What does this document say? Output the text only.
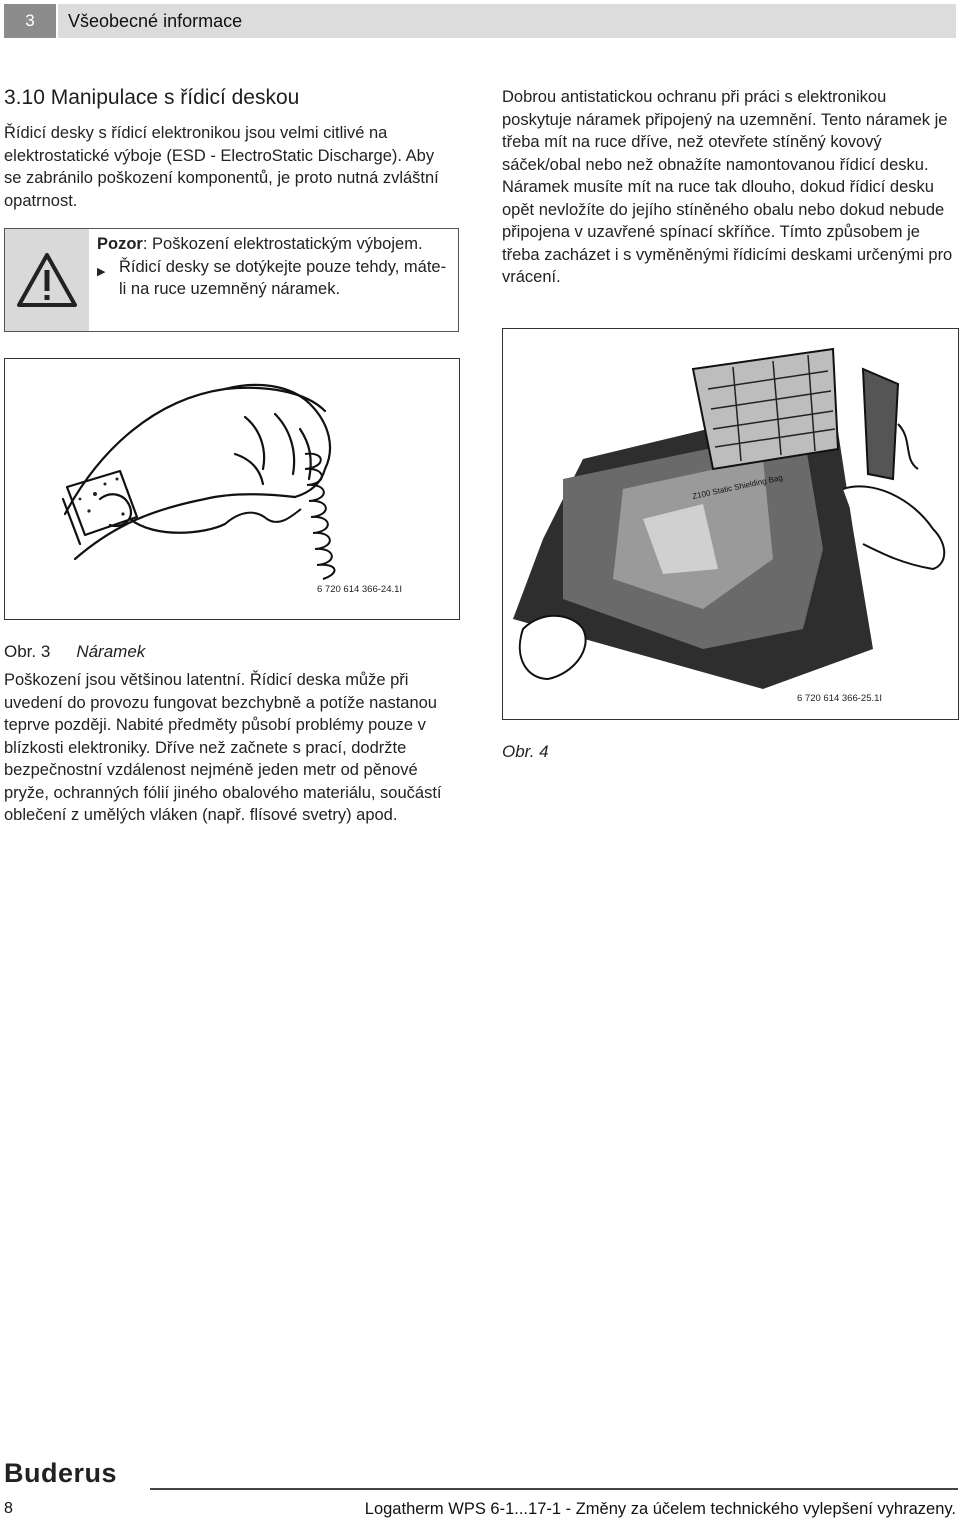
3	Všeobecné informace
3.10 Manipulace s řídicí deskou
Řídicí desky s řídicí elektronikou jsou velmi citlivé na elektrostatické výboje (ESD - ElectroStatic Discharge). Aby se zabránilo poškození komponentů, je proto nutná zvláštní opatrnost.
Pozor: Poškození elektrostatickým výbojem.
▶ Řídicí desky se dotýkejte pouze tehdy, máte-li na ruce uzemněný náramek.
Dobrou antistatickou ochranu při práci s elektronikou poskytuje náramek připojený na uzemnění. Tento náramek je třeba mít na ruce dříve, než otevřete stíněný kovový sáček/obal nebo než obnažíte namontovanou řídicí desku. Náramek musíte mít na ruce tak dlouho, dokud řídicí desku opět nevložíte do jejího stíněného obalu nebo dokud nebude připojena v uzavřené spínací skříňce. Tímto způsobem je třeba zacházet i s vyměněnými řídicími deskami určenými pro vrácení.
6 720 614 366-24.1I
Z100 Static Shielding Bag
6 720 614 366-25.1I
Obr. 3 Náramek
Obr. 4
Poškození jsou většinou latentní. Řídicí deska může při uvedení do provozu fungovat bezchybně a potíže nastanou teprve později. Nabité předměty působí problémy pouze v blízkosti elektroniky. Dříve než začnete s prací, dodržte bezpečnostní vzdálenost nejméně jeden metr od pěnové pryže, ochranných fólií jiného obalového materiálu, součástí oblečení z umělých vláken (např. flísové svetry) apod.
Buderus
8	Logatherm WPS 6-1...17-1 - Změny za účelem technického vylepšení vyhrazeny.
